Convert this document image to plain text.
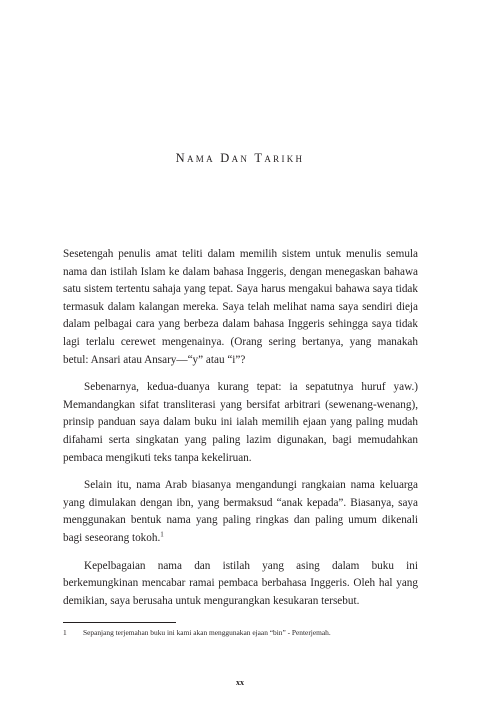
Nama Dan Tarikh

Sesetengah penulis amat teliti dalam memilih sistem untuk menulis semula nama dan istilah Islam ke dalam bahasa Inggeris, dengan menegaskan bahawa satu sistem tertentu sahaja yang tepat. Saya harus mengakui bahawa saya tidak termasuk dalam kalangan mereka. Saya telah melihat nama saya sendiri dieja dalam pelbagai cara yang berbeza dalam bahasa Inggeris sehingga saya tidak lagi terlalu cerewet mengenainya. (Orang sering bertanya, yang manakah betul: Ansari atau Ansary—“y” atau “i”?

Sebenarnya, kedua-duanya kurang tepat: ia sepatutnya huruf yaw.) Memandangkan sifat transliterasi yang bersifat arbitrari (sewenang-wenang), prinsip panduan saya dalam buku ini ialah memilih ejaan yang paling mudah difahami serta singkatan yang paling lazim digunakan, bagi memudahkan pembaca mengikuti teks tanpa kekeliruan.

Selain itu, nama Arab biasanya mengandungi rangkaian nama keluarga yang dimulakan dengan ibn, yang bermaksud “anak kepada”. Biasanya, saya menggunakan bentuk nama yang paling ringkas dan paling umum dikenali bagi seseorang tokoh.$^1$

Kepelbagaian nama dan istilah yang asing dalam buku ini berkemungkinan mencabar ramai pembaca berbahasa Inggeris. Oleh hal yang demikian, saya berusaha untuk mengurangkan kesukaran tersebut.

1 Sepanjang terjemahan buku ini kami akan menggunakan ejaan “bin” - Penterjemah.
xx
